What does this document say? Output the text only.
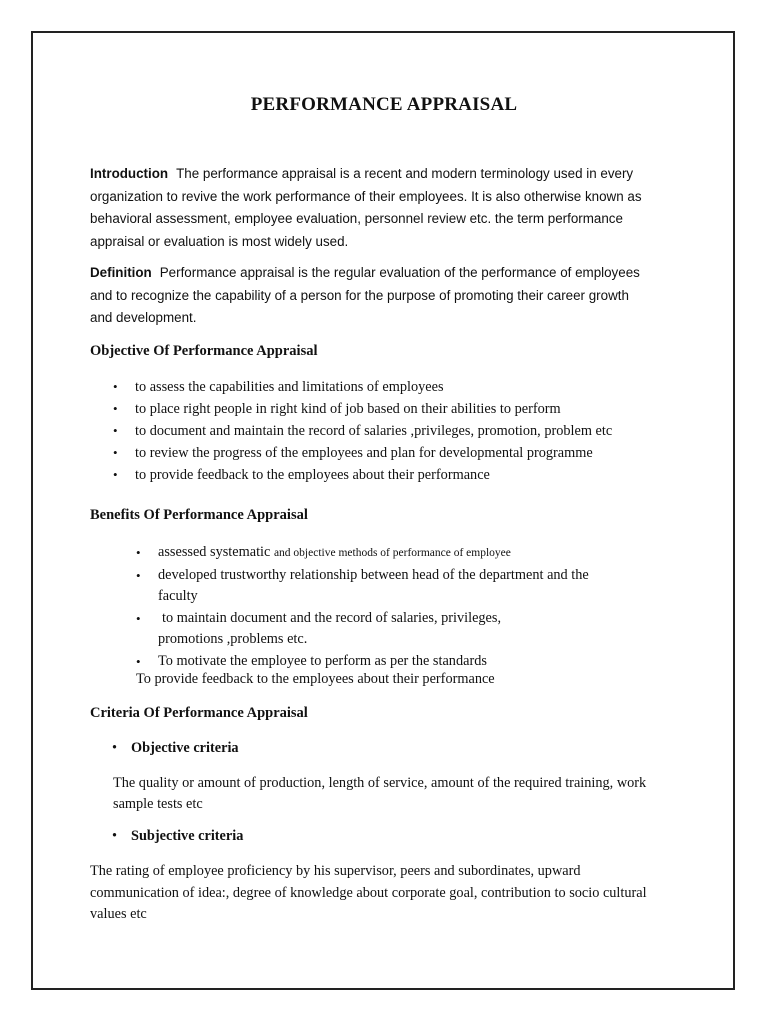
PERFORMANCE APPRAISAL
Introduction The performance appraisal is a recent and modern terminology used in every
organization to revive the work performance of their employees. It is also otherwise known as
behavioral assessment, employee evaluation, personnel review etc. the term performance
appraisal or evaluation is most widely used.
Definition Performance appraisal is the regular evaluation of the performance of employees
and to recognize the capability of a person for the purpose of promoting their career growth
and development.
Objective Of Performance Appraisal
• to assess the capabilities and limitations of employees
• to place right people in right kind of job based on their abilities to perform
• to document and maintain the record of salaries ,privileges, promotion, problem etc
• to review the progress of the employees and plan for developmental programme
• to provide feedback to the employees about their performance
Benefits Of Performance Appraisal
• assessed systematic and objective methods of performance of employee
• developed trustworthy relationship between head of the department and the
faculty
• to maintain document and the record of salaries, privileges,
promotions ,problems etc.
• To motivate the employee to perform as per the standards
To provide feedback to the employees about their performance
Criteria Of Performance Appraisal
• Objective criteria
The quality or amount of production, length of service, amount of the required training, work
sample tests etc
• Subjective criteria
The rating of employee proficiency by his supervisor, peers and subordinates, upward
communication of idea:, degree of knowledge about corporate goal, contribution to socio cultural
values etc
